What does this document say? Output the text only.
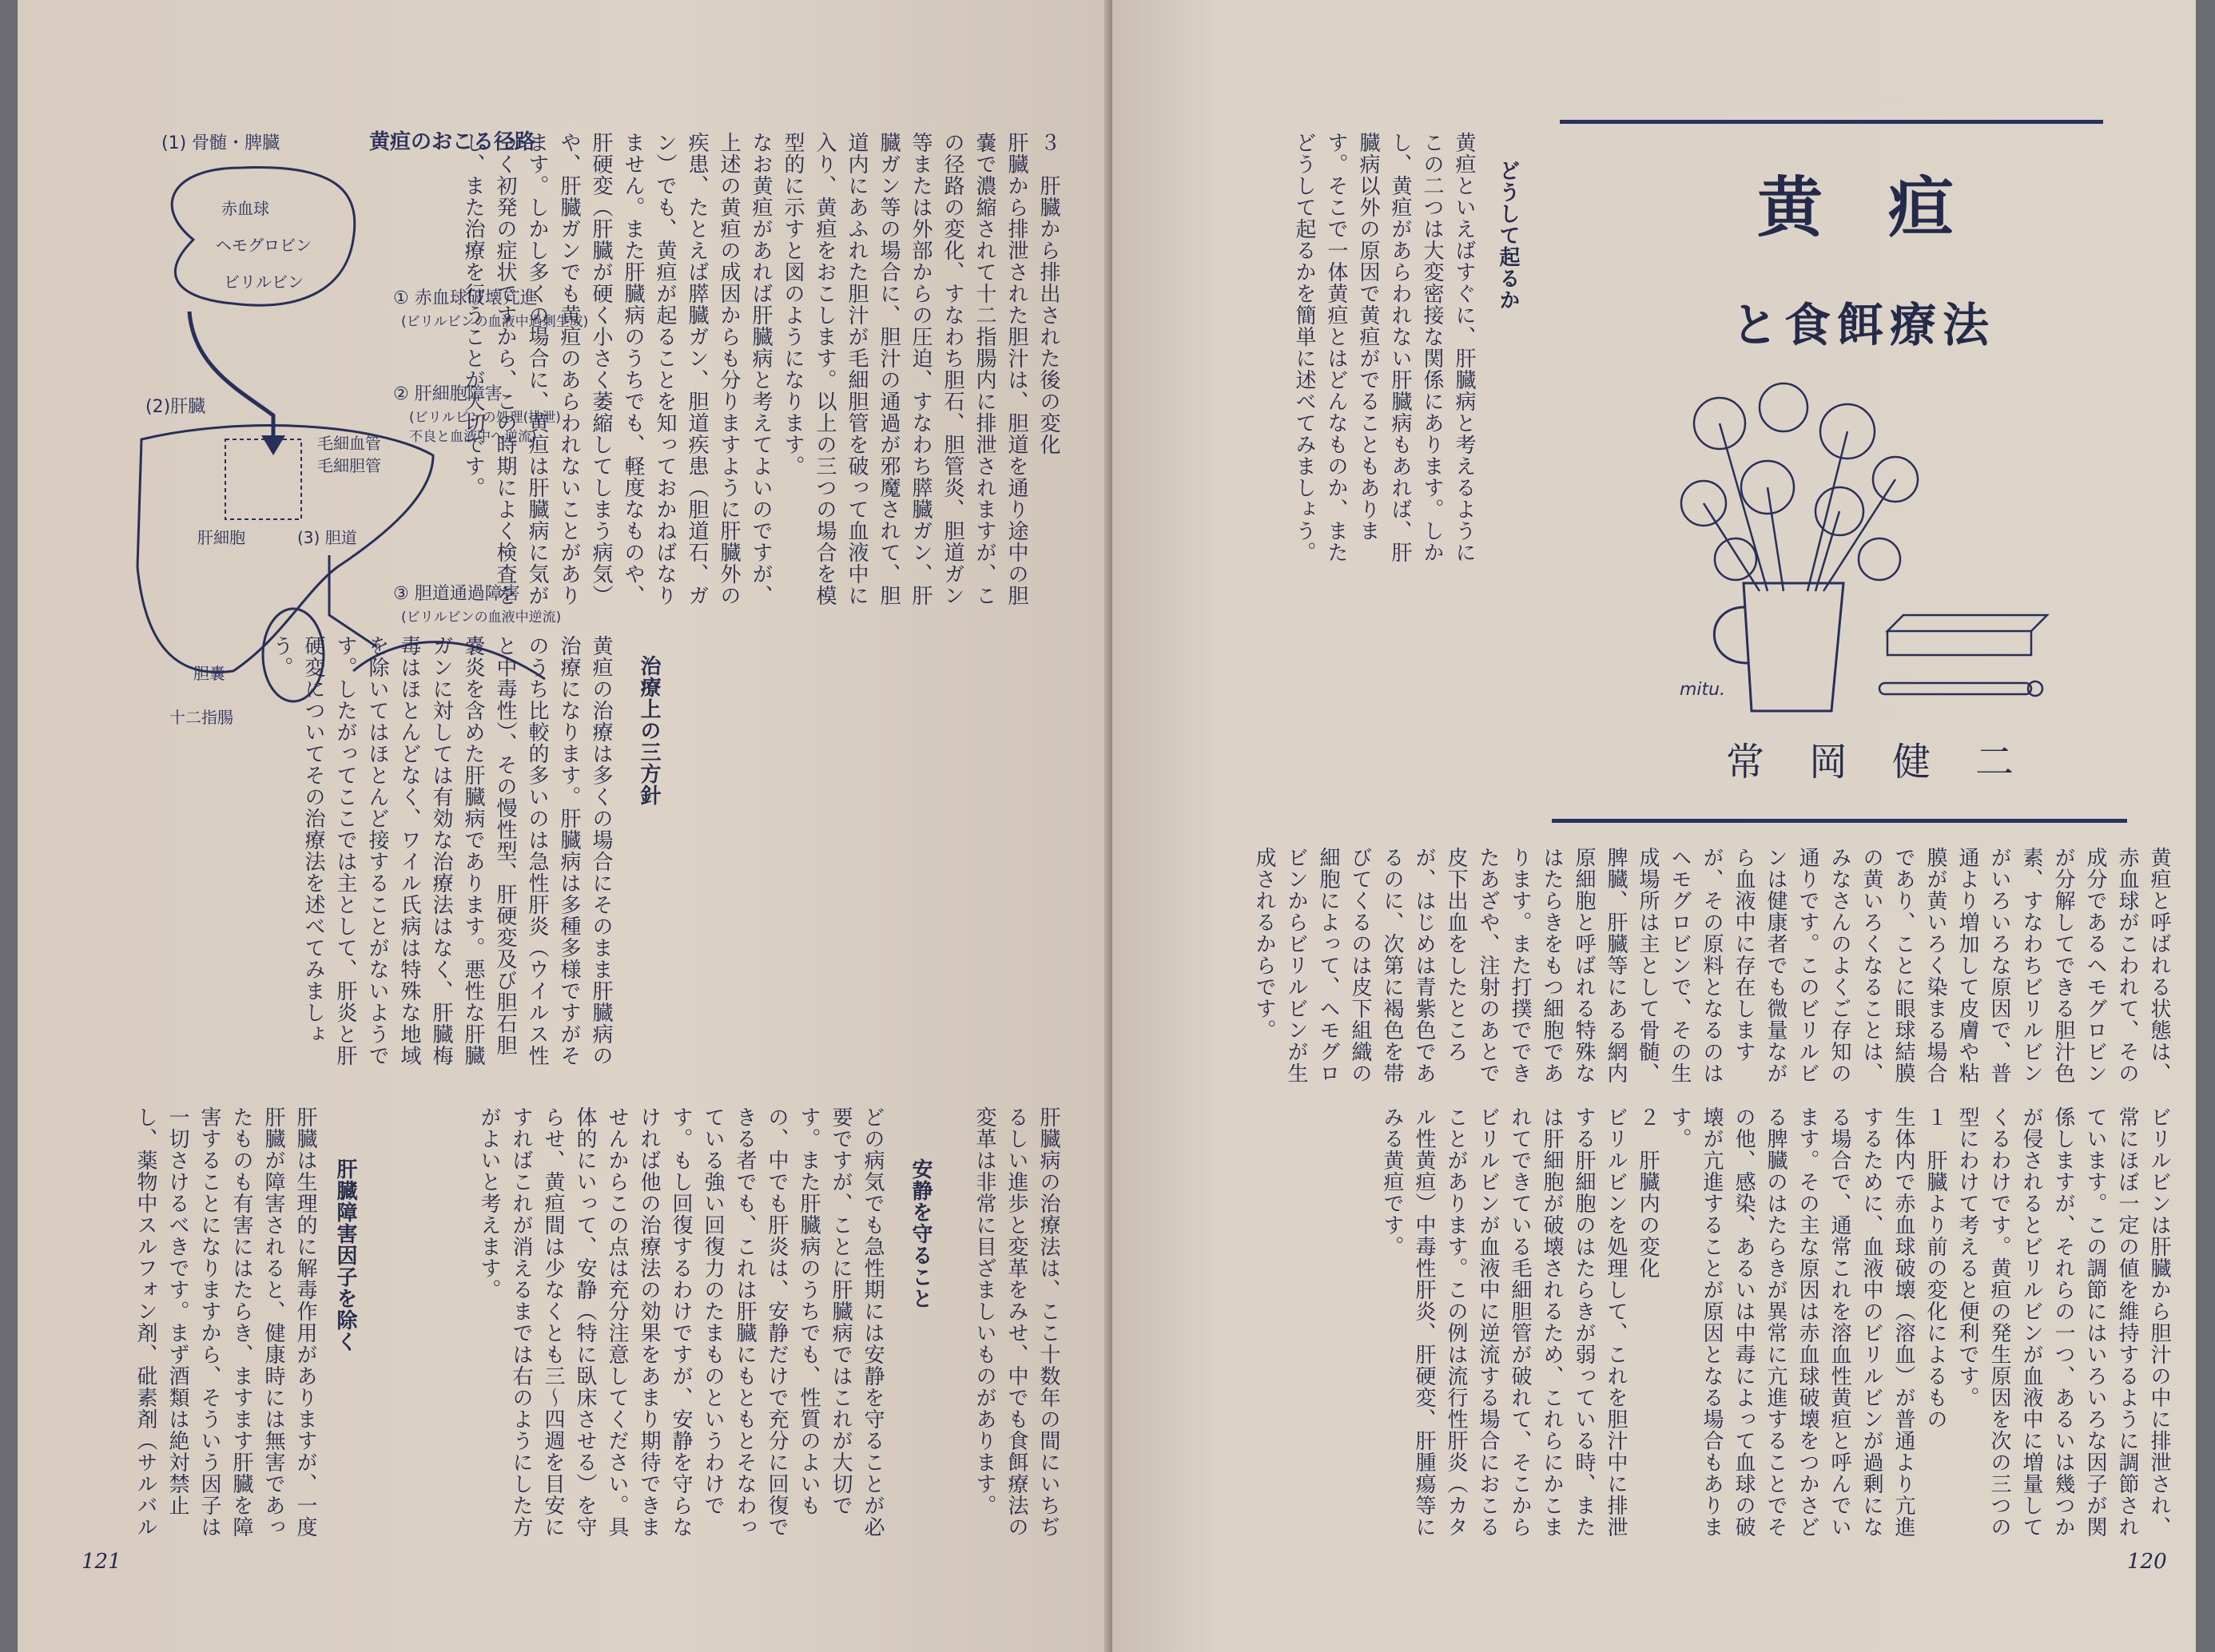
121
黄疸のおこる径路
(1) 骨髄・脾臓
赤血球
ヘモグロビン
ビリルビン
(2)肝臓
毛細血管
毛細胆管
肝細胞	(3) 胆道
胆嚢
十二指腸
① 赤血球破壊亢進
(ビリルビンの血液中過剰生成)
② 肝細胞障害
(ビリルビンの処理(排泄)
不良と血液中へ逆流)
③ 胆道通過障害
(ビリルビンの血液中逆流)
３　肝臓から排出された後の変化
肝臓から排泄された胆汁は、胆道を通り途中の胆嚢で濃縮されて十二指腸内に排泄されますが、この径路の変化、すなわち胆石、胆管炎、胆道ガン等または外部からの圧迫、すなわち膵臓ガン、肝臓ガン等の場合に、胆汁の通過が邪魔されて、胆道内にあふれた胆汁が毛細胆管を破って血液中に入り、黄疸をおこします。以上の三つの場合を模型的に示すと図のようになります。
なお黄疸があれば肝臓病と考えてよいのですが、上述の黄疸の成因からも分りますように肝臓外の疾患、たとえば膵臓ガン、胆道疾患（胆道石、ガン）でも、黄疸が起ることを知っておかねばなりません。また肝臓病のうちでも、軽度なものや、肝硬変（肝臓が硬く小さく萎縮してしまう病気）や、肝臓ガンでも黄疸のあらわれないことがあります。しかし多くの場合に、黄疸は肝臓病に気がつく初発の症状ですから、この時期によく検査をし、また治療を行うことが大切です。
治療上の三方針
黄疸の治療は多くの場合にそのまま肝臓病の治療になります。肝臓病は多種多様ですがそのうち比較的多いのは急性肝炎（ウイルス性と中毒性）、その慢性型、肝硬変及び胆石胆嚢炎を含めた肝臓病であります。悪性な肝臓ガンに対しては有効な治療法はなく、肝臓梅毒はほとんどなく、ワイル氏病は特殊な地域を除いてはほとんど接することがないようです。したがってここでは主として、肝炎と肝硬変についてその治療法を述べてみましょう。
肝臓病の治療法は、ここ十数年の間にいちぢるしい進歩と変革をみせ、中でも食餌療法の変革は非常に目ざましいものがあります。
安静を守ること
どの病気でも急性期には安静を守ることが必要ですが、ことに肝臓病ではこれが大切です。また肝臓病のうちでも、性質のよいもの、中でも肝炎は、安静だけで充分に回復できる者でも、これは肝臓にもともとそなわっている強い回復力のたまものというわけです。もし回復するわけですが、安静を守らなければ他の治療法の効果をあまり期待できませんからこの点は充分注意してください。具体的にいって、安静（特に臥床させる）を守らせ、黄疸間は少なくとも三～四週を目安にすればこれが消えるまでは右のようにした方がよいと考えます。
肝臓障害因子を除く
肝臓は生理的に解毒作用がありますが、一度肝臓が障害されると、健康時には無害であったものも有害にはたらき、ますます肝臓を障害することになりますから、そういう因子は一切さけるべきです。まず酒類は絶対禁止し、薬物中スルフォン剤、砒素剤（サルバル
120
黄　疸
と食餌療法
mitu.
常　岡　健　二
どうして起るか
黄疸といえばすぐに、肝臓病と考えるようにこの二つは大変密接な関係にあります。しかし、黄疸があらわれない肝臓病もあれば、肝臓病以外の原因で黄疸がでることもあります。そこで一体黄疸とはどんなものか、またどうして起るかを簡単に述べてみましょう。
黄疸と呼ばれる状態は、赤血球がこわれて、その成分であるヘモグロビンが分解してできる胆汁色素、すなわちビリルビンがいろいろな原因で、普通より増加して皮膚や粘膜が黄いろく染まる場合であり、ことに眼球結膜の黄いろくなることは、みなさんのよくご存知の通りです。このビリルビンは健康者でも微量ながら血液中に存在しますが、その原料となるのはヘモグロビンで、その生成場所は主として骨髄、脾臓、肝臓等にある網内原細胞と呼ばれる特殊なはたらきをもつ細胞であります。また打撲でできたあざや、注射のあとで皮下出血をしたところが、はじめは青紫色であるのに、次第に褐色を帯びてくるのは皮下組織の細胞によって、ヘモグロビンからビリルビンが生成されるからです。
ビリルビンは肝臓から胆汁の中に排泄され、常にほぼ一定の値を維持するように調節されています。この調節にはいろいろな因子が関係しますが、それらの一つ、あるいは幾つかが侵されるとビリルビンが血液中に増量してくるわけです。黄疸の発生原因を次の三つの型にわけて考えると便利です。
１　肝臓より前の変化によるもの
生体内で赤血球破壊（溶血）が普通より亢進するために、血液中のビリルビンが過剰になる場合で、通常これを溶血性黄疸と呼んでいます。その主な原因は赤血球破壊をつかさどる脾臓のはたらきが異常に亢進することでその他、感染、あるいは中毒によって血球の破壊が亢進することが原因となる場合もあります。
２　肝臓内の変化
ビリルビンを処理して、これを胆汁中に排泄する肝細胞のはたらきが弱っている時、または肝細胞が破壊されるため、これらにかこまれてできている毛細胆管が破れて、そこからビリルビンが血液中に逆流する場合におこることがあります。この例は流行性肝炎（カタル性黄疸）中毒性肝炎、肝硬変、肝腫瘍等にみる黄疸です。
